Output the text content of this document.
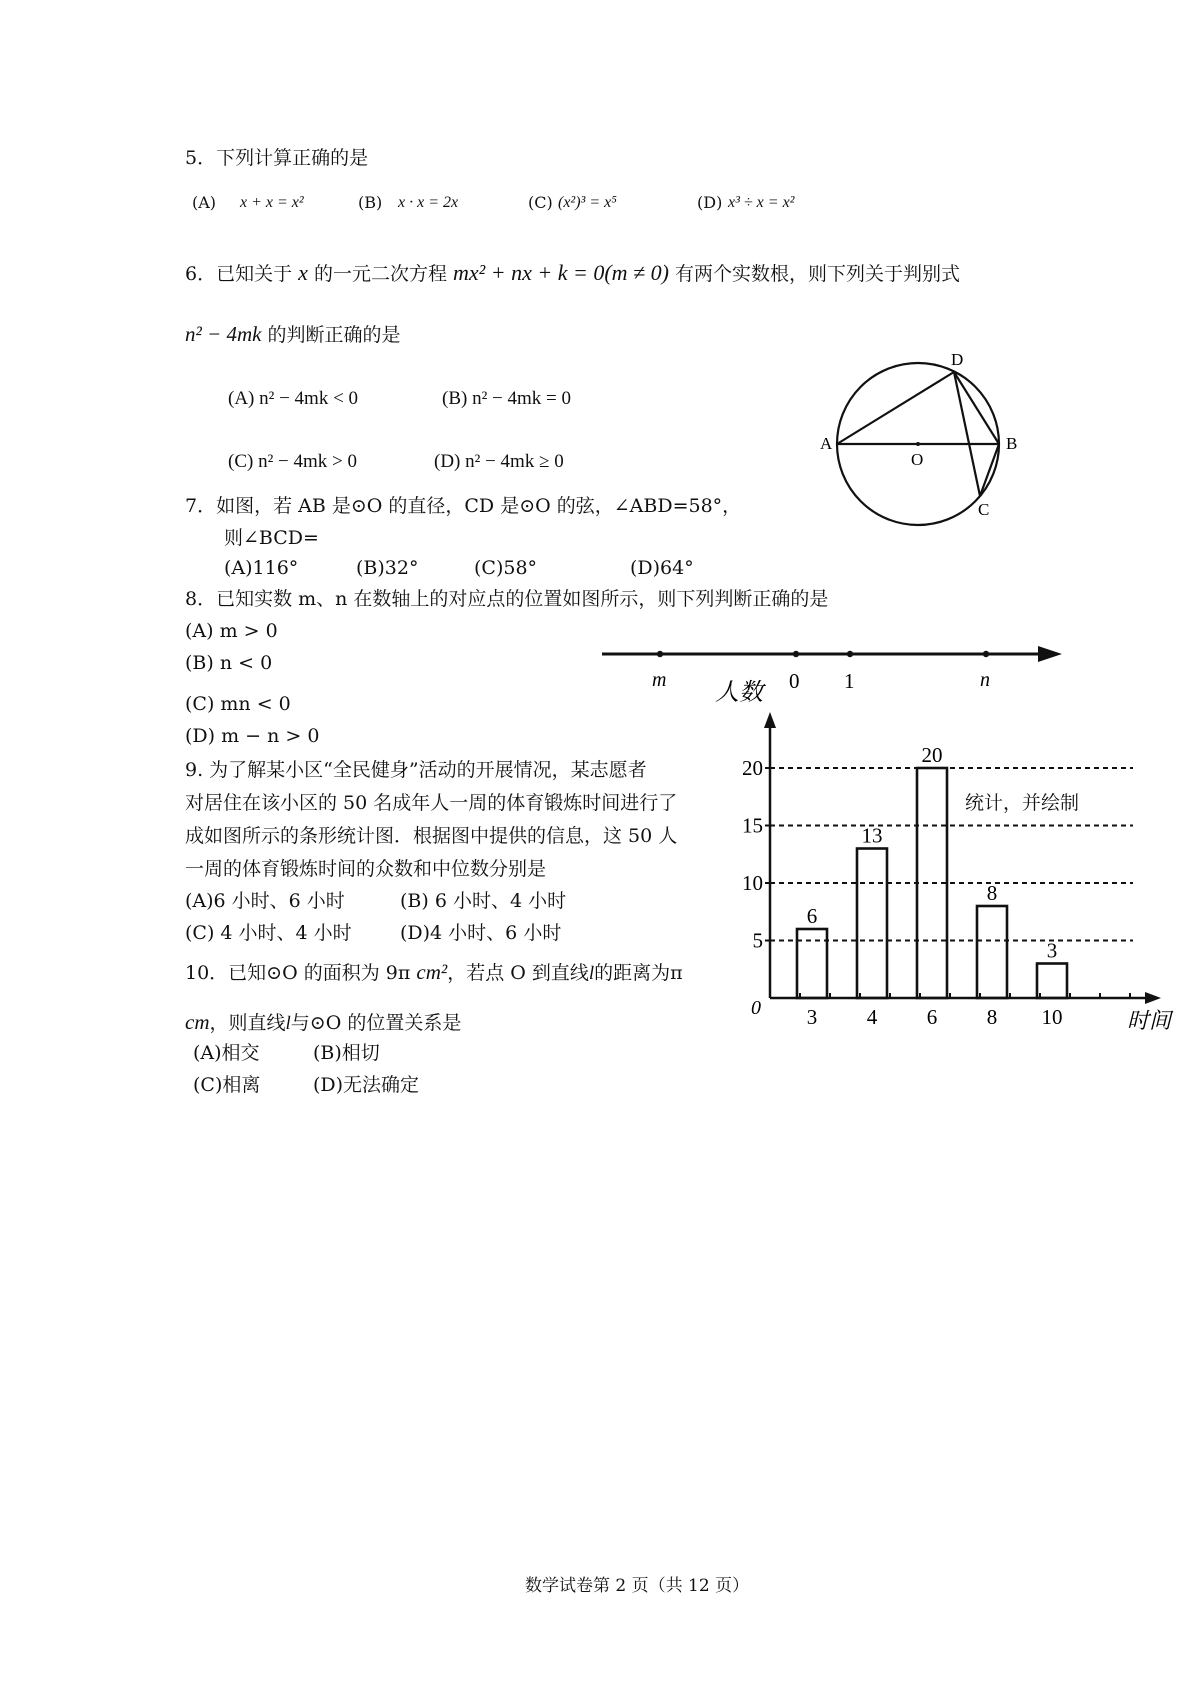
5．下列计算正确的是
(A) x + x = x²	(B) x · x = 2x	(C) (x²)³ = x⁵	(D) x³ ÷ x = x²
6．已知关于 x 的一元二次方程 mx² + nx + k = 0(m ≠ 0) 有两个实数根，则下列关于判别式
n² − 4mk 的判断正确的是
(A) n² − 4mk < 0	(B) n² − 4mk = 0
(C) n² − 4mk > 0	(D) n² − 4mk ≥ 0
D
A	B
O
C
7．如图，若 AB 是⊙O 的直径，CD 是⊙O 的弦，∠ABD=58°，
则∠BCD=
(A)116°	(B)32°	(C)58°	(D)64°
8．已知实数 m、n 在数轴上的对应点的位置如图所示，则下列判断正确的是
(A) m > 0
(B) n < 0
(C) mn < 0
(D) m − n > 0
m	0 1	n
9. 为了解某小区“全民健身”活动的开展情况，某志愿者
对居住在该小区的 50 名成年人一周的体育锻炼时间进行了	统计，并绘制
成如图所示的条形统计图．根据图中提供的信息，这 50 人
一周的体育锻炼时间的众数和中位数分别是
(A)6 小时、6 小时	(B) 6 小时、4 小时
(C) 4 小时、4 小时	(D)4 小时、6 小时	5
10
15
20
6
3
13
4
20
6
8
8
3
10
人数
时间
0
10．已知⊙O 的面积为 9π cm²，若点 O 到直线l的距离为π
cm，则直线l与⊙O 的位置关系是
(A)相交	(B)相切
(C)相离	(D)无法确定
数学试卷第 2 页（共 12 页）
